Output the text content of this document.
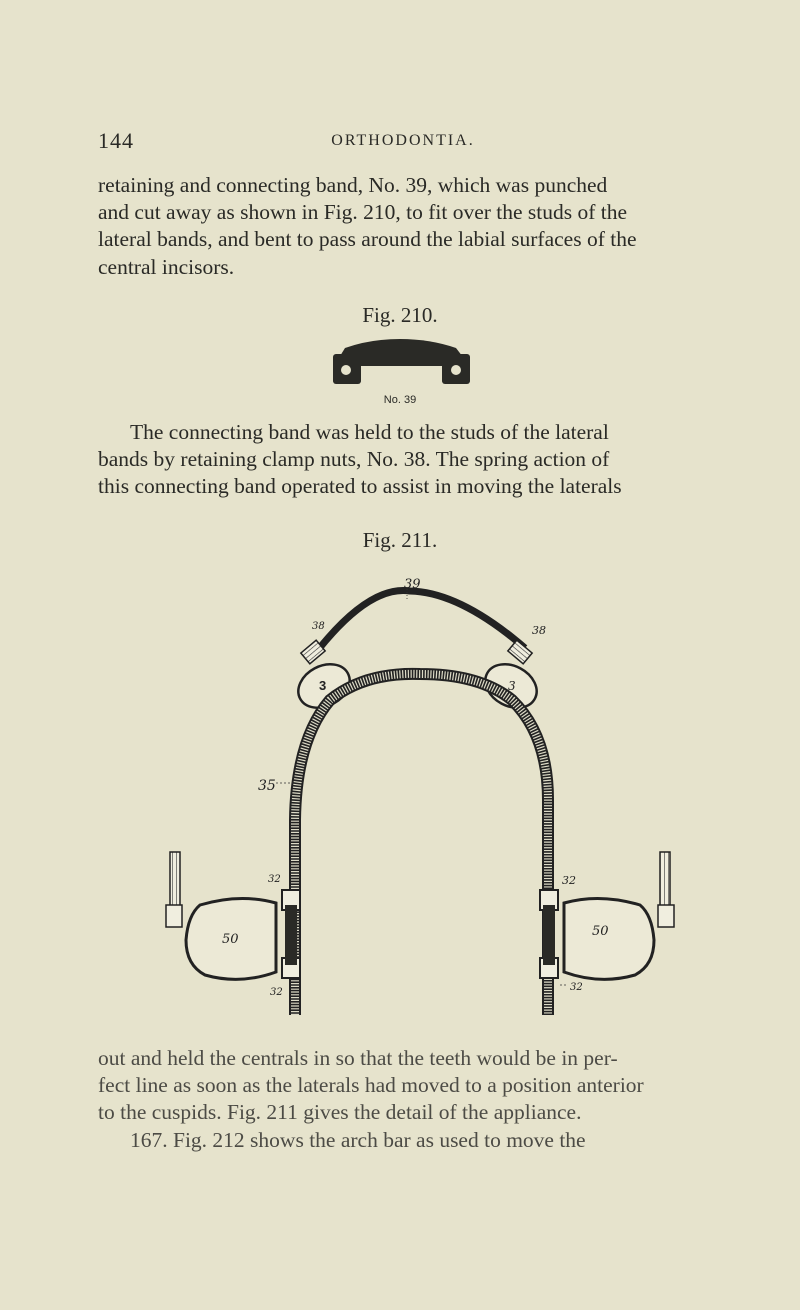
144	ORTHODONTIA.
retaining and connecting band, No. 39, which was punched
and cut away as shown in Fig. 210, to fit over the studs of the
lateral bands, and bent to pass around the labial surfaces of the
central incisors.
Fig. 210.
The connecting band was held to the studs of the lateral
bands by retaining clamp nuts, No. 38. The spring action of
this connecting band operated to assist in moving the laterals
Fig. 211.
No. 39
39
38	38
3	3
35
32
32
32
32
50
50
out and held the centrals in so that the teeth would be in per-
fect line as soon as the laterals had moved to a position anterior
to the cuspids. Fig. 211 gives the detail of the appliance.
167. Fig. 212 shows the arch bar as used to move the
